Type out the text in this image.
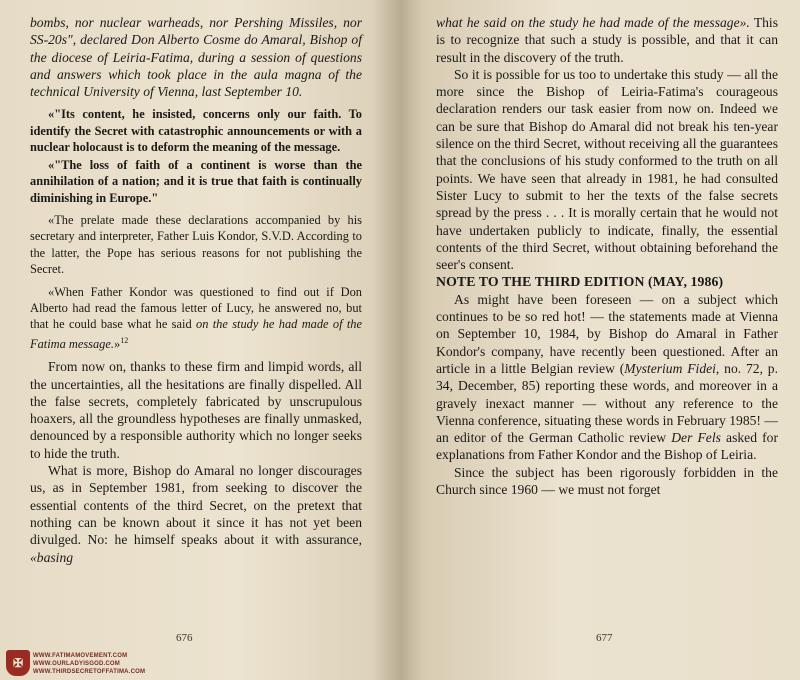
bombs, nor nuclear warheads, nor Pershing Missiles, nor SS-20s", declared Don Alberto Cosme do Amaral, Bishop of the diocese of Leiria-Fatima, during a session of questions and answers which took place in the aula magna of the technical University of Vienna, last September 10.

«"Its content, he insisted, concerns only our faith. To identify the Secret with catastrophic announcements or with a nuclear holocaust is to deform the meaning of the message.

«"The loss of faith of a continent is worse than the annihilation of a nation; and it is true that faith is continually diminishing in Europe."

«The prelate made these declarations accompanied by his secretary and interpreter, Father Luis Kondor, S.V.D. According to the latter, the Pope has serious reasons for not publishing the Secret.

«When Father Kondor was questioned to find out if Don Alberto had read the famous letter of Lucy, he answered no, but that he could base what he said on the study he had made of the Fatima message.»$^{12}$

From now on, thanks to these firm and limpid words, all the uncertainties, all the hesitations are finally dispelled. All the false secrets, completely fabricated by unscrupulous hoaxers, all the groundless hypotheses are finally unmasked, denounced by a responsible authority which no longer seeks to hide the truth.

What is more, Bishop do Amaral no longer discourages us, as in September 1981, from seeking to discover the essential contents of the third Secret, on the pretext that nothing can be known about it since it has not yet been divulged. No: he himself speaks about it with assurance, «basing

676
✠	WWW.FATIMAMOVEMENT.COM
WWW.OURLADYISGOD.COM
WWW.THIRDSECRETOFFATIMA.COM

what he said on the study he had made of the message». This is to recognize that such a study is possible, and that it can result in the discovery of the truth.

So it is possible for us too to undertake this study — all the more since the Bishop of Leiria-Fatima's courageous declaration renders our task easier from now on. Indeed we can be sure that Bishop do Amaral did not break his ten-year silence on the third Secret, without receiving all the guarantees that the conclusions of his study conformed to the truth on all points. We have seen that already in 1981, he had consulted Sister Lucy to submit to her the texts of the false secrets spread by the press . . . It is morally certain that he would not have undertaken publicly to indicate, finally, the essential contents of the third Secret, without obtaining beforehand the seer's consent.

NOTE TO THE THIRD EDITION (MAY, 1986)

As might have been foreseen — on a subject which continues to be so red hot! — the statements made at Vienna on September 10, 1984, by Bishop do Amaral in Father Kondor's company, have recently been questioned. After an article in a little Belgian review (Mysterium Fidei, no. 72, p. 34, December, 85) reporting these words, and moreover in a gravely inexact manner — without any reference to the Vienna conference, situating these words in February 1985! — an editor of the German Catholic review Der Fels asked for explanations from Father Kondor and the Bishop of Leiria.

Since the subject has been rigorously forbidden in the Church since 1960 — we must not forget

677
